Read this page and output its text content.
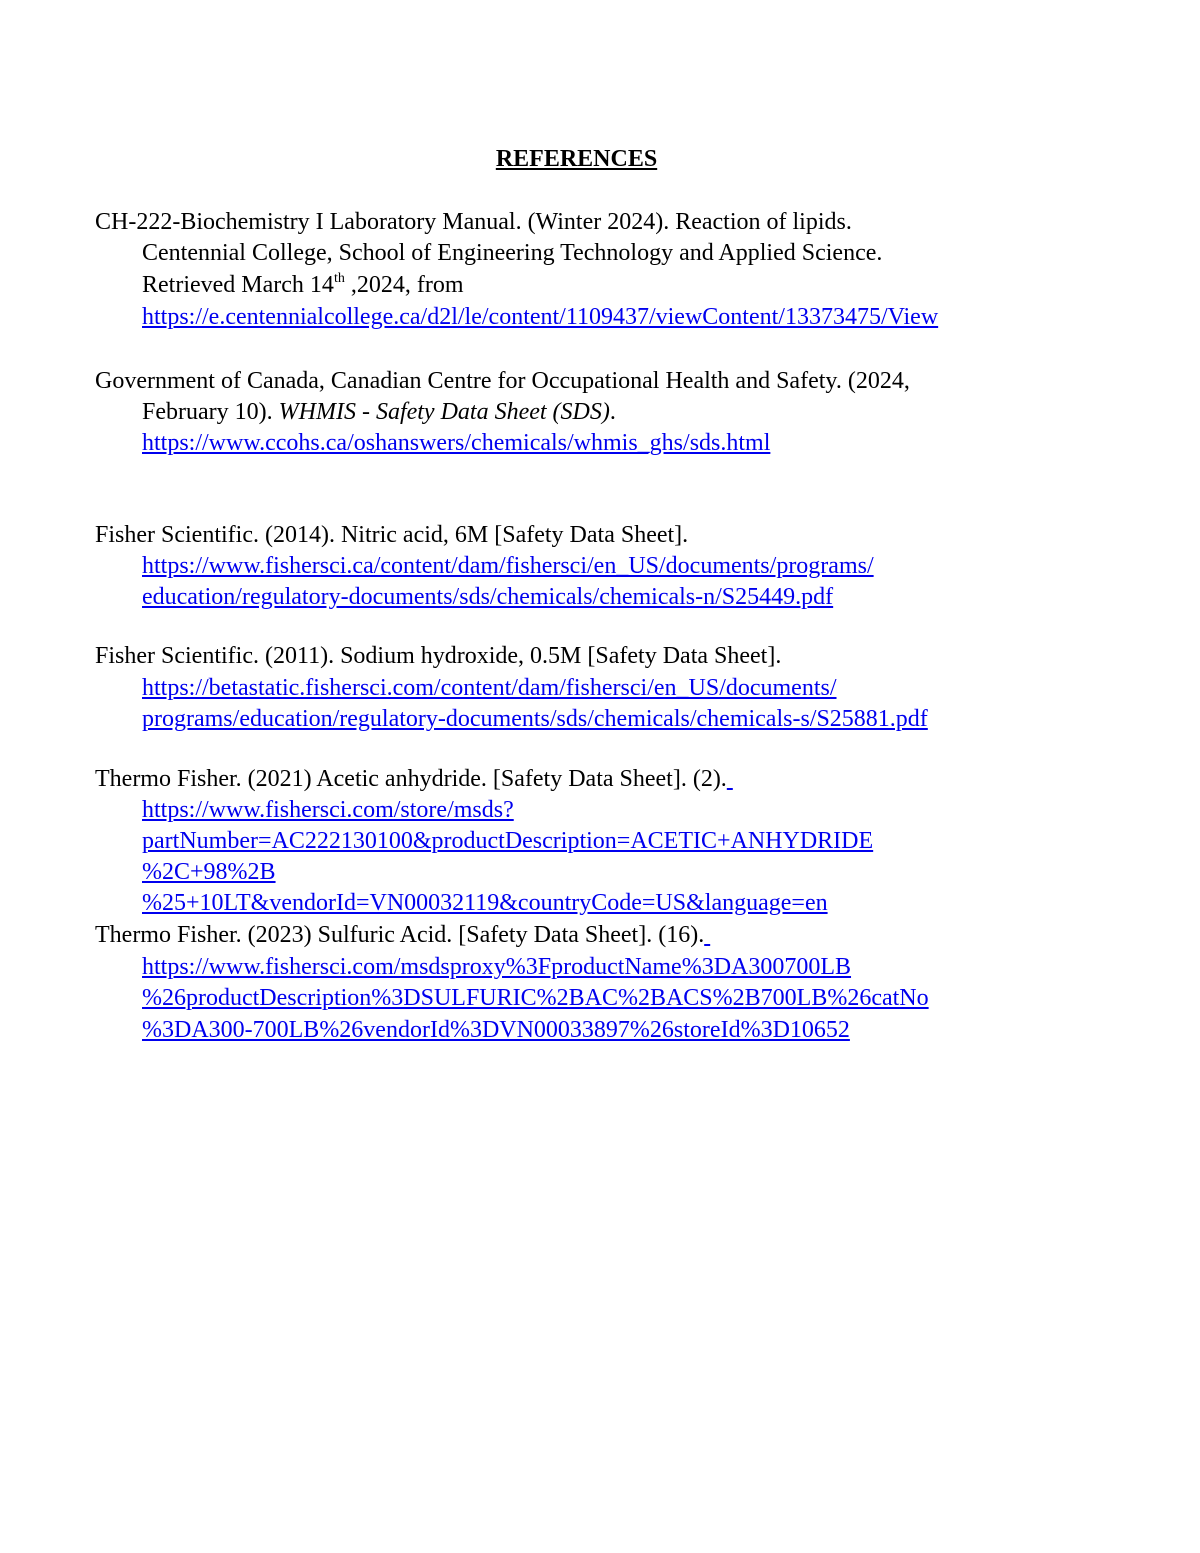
REFERENCES
CH-222-Biochemistry I Laboratory Manual. (Winter 2024). Reaction of lipids.
Centennial College, School of Engineering Technology and Applied Science.
Retrieved March 14th ,2024, from
https://e.centennialcollege.ca/d2l/le/content/1109437/viewContent/13373475/View
Government of Canada, Canadian Centre for Occupational Health and Safety. (2024,
February 10). WHMIS - Safety Data Sheet (SDS).
https://www.ccohs.ca/oshanswers/chemicals/whmis_ghs/sds.html
Fisher Scientific. (2014). Nitric acid, 6M [Safety Data Sheet].
https://www.fishersci.ca/content/dam/fishersci/en_US/documents/programs/
education/regulatory-documents/sds/chemicals/chemicals-n/S25449.pdf
Fisher Scientific. (2011). Sodium hydroxide, 0.5M [Safety Data Sheet].
https://betastatic.fishersci.com/content/dam/fishersci/en_US/documents/
programs/education/regulatory-documents/sds/chemicals/chemicals-s/S25881.pdf
Thermo Fisher. (2021) Acetic anhydride. [Safety Data Sheet]. (2).
https://www.fishersci.com/store/msds?
partNumber=AC222130100&productDescription=ACETIC+ANHYDRIDE
%2C+98%2B
%25+10LT&vendorId=VN00032119&countryCode=US&language=en
Thermo Fisher. (2023) Sulfuric Acid. [Safety Data Sheet]. (16).
https://www.fishersci.com/msdsproxy%3FproductName%3DA300700LB
%26productDescription%3DSULFURIC%2BAC%2BACS%2B700LB%26catNo
%3DA300-700LB%26vendorId%3DVN00033897%26storeId%3D10652
